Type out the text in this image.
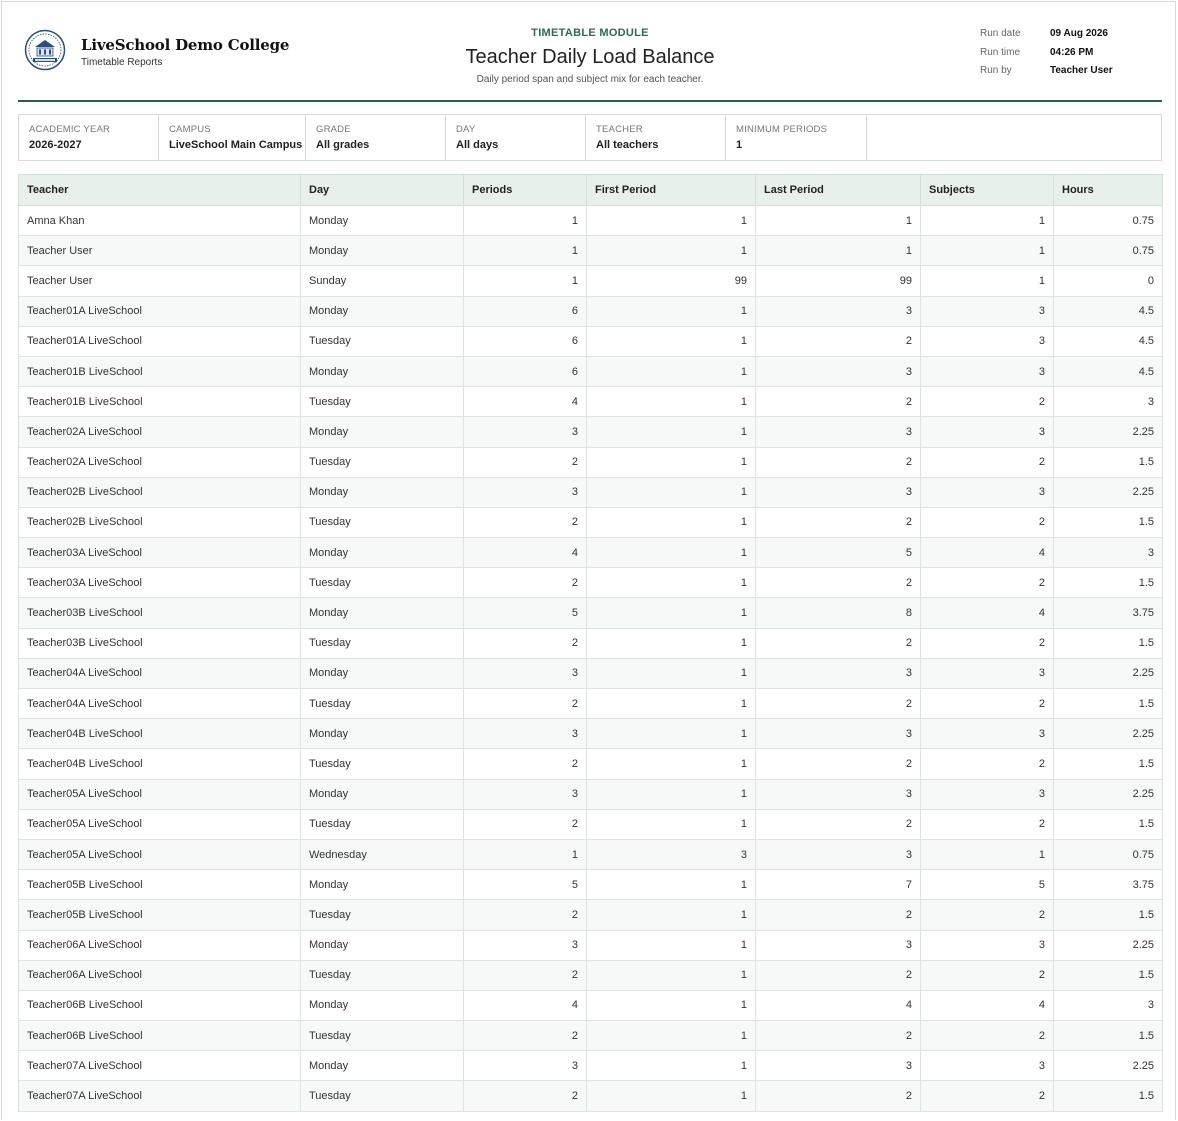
LiveSchool Demo College
Timetable Reports
TIMETABLE MODULE
Teacher Daily Load Balance
Daily period span and subject mix for each teacher.
Run date	09 Aug 2026
Run time	04:26 PM
Run by	Teacher User
ACADEMIC YEAR
2026-2027
CAMPUS
LiveSchool Main Campus
GRADE
All grades
DAY
All days
TEACHER
All teachers
MINIMUM PERIODS
1
Teacher	Day	Periods	First Period	Last Period	Subjects	Hours
Amna Khan	Monday	1	1	1	1	0.75
Teacher User	Monday	1	1	1	1	0.75
Teacher User	Sunday	1	99	99	1	0
Teacher01A LiveSchool	Monday	6	1	3	3	4.5
Teacher01A LiveSchool	Tuesday	6	1	2	3	4.5
Teacher01B LiveSchool	Monday	6	1	3	3	4.5
Teacher01B LiveSchool	Tuesday	4	1	2	2	3
Teacher02A LiveSchool	Monday	3	1	3	3	2.25
Teacher02A LiveSchool	Tuesday	2	1	2	2	1.5
Teacher02B LiveSchool	Monday	3	1	3	3	2.25
Teacher02B LiveSchool	Tuesday	2	1	2	2	1.5
Teacher03A LiveSchool	Monday	4	1	5	4	3
Teacher03A LiveSchool	Tuesday	2	1	2	2	1.5
Teacher03B LiveSchool	Monday	5	1	8	4	3.75
Teacher03B LiveSchool	Tuesday	2	1	2	2	1.5
Teacher04A LiveSchool	Monday	3	1	3	3	2.25
Teacher04A LiveSchool	Tuesday	2	1	2	2	1.5
Teacher04B LiveSchool	Monday	3	1	3	3	2.25
Teacher04B LiveSchool	Tuesday	2	1	2	2	1.5
Teacher05A LiveSchool	Monday	3	1	3	3	2.25
Teacher05A LiveSchool	Tuesday	2	1	2	2	1.5
Teacher05A LiveSchool	Wednesday	1	3	3	1	0.75
Teacher05B LiveSchool	Monday	5	1	7	5	3.75
Teacher05B LiveSchool	Tuesday	2	1	2	2	1.5
Teacher06A LiveSchool	Monday	3	1	3	3	2.25
Teacher06A LiveSchool	Tuesday	2	1	2	2	1.5
Teacher06B LiveSchool	Monday	4	1	4	4	3
Teacher06B LiveSchool	Tuesday	2	1	2	2	1.5
Teacher07A LiveSchool	Monday	3	1	3	3	2.25
Teacher07A LiveSchool	Tuesday	2	1	2	2	1.5
